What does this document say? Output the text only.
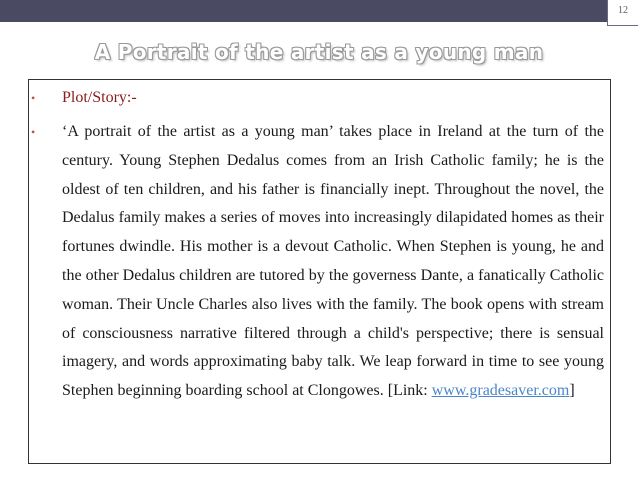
12
A Portrait of the artist as a young man
•	Plot/Story:-
•	‘A portrait of the artist as a young man’ takes place in Ireland at the turn of the century. Young Stephen Dedalus comes from an Irish Catholic family; he is the oldest of ten children, and his father is financially inept. Throughout the novel, the Dedalus family makes a series of moves into increasingly dilapidated homes as their fortunes dwindle. His mother is a devout Catholic. When Stephen is young, he and the other Dedalus children are tutored by the governess Dante, a fanatically Catholic woman. Their Uncle Charles also lives with the family. The book opens with stream of consciousness narrative filtered through a child's perspective; there is sensual imagery, and words approximating baby talk. We leap forward in time to see young Stephen beginning boarding school at Clongowes. [Link: www.gradesaver.com]
